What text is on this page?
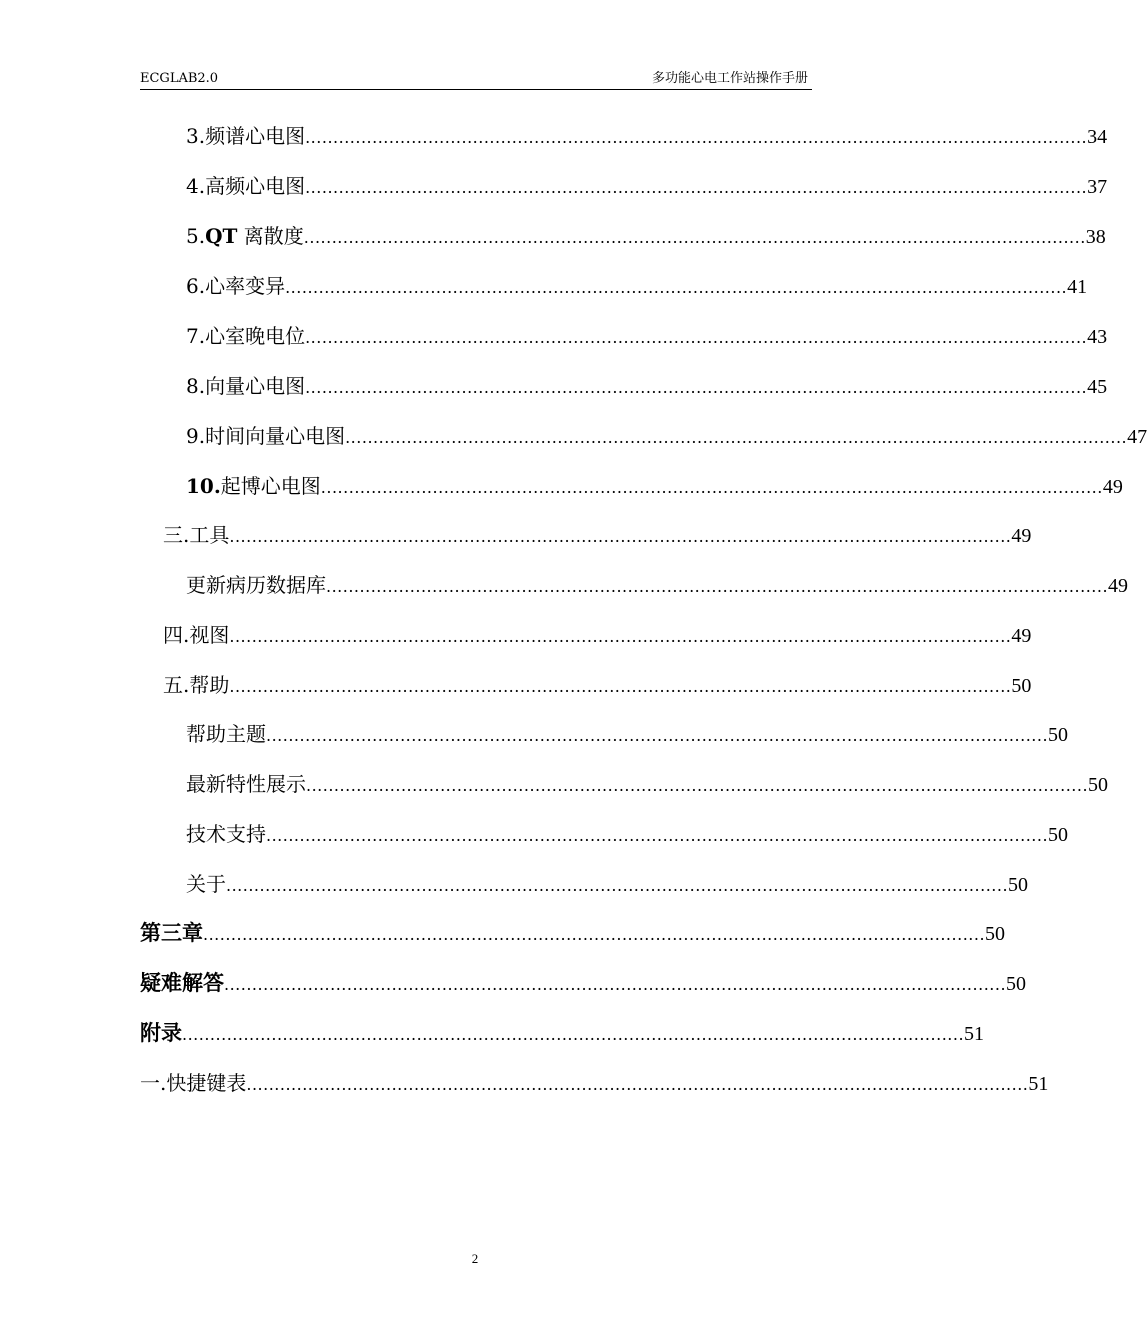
ECGLAB2.0	多功能心电工作站操作手册
3.频谱心电图 ............................................................................................................................................ 34
4.高频心电图 ............................................................................................................................................ 37
5.QT 离散度 ............................................................................................................................................ 38
6.心率变异 ............................................................................................................................................ 41
7.心室晚电位 ............................................................................................................................................ 43
8.向量心电图 ............................................................................................................................................ 45
9.时间向量心电图 ............................................................................................................................................ 47
10.起博心电图 ............................................................................................................................................ 49
三.工具 ............................................................................................................................................ 49
更新病历数据库 ............................................................................................................................................ 49
四.视图 ............................................................................................................................................ 49
五.帮助 ............................................................................................................................................ 50
帮助主题 ............................................................................................................................................ 50
最新特性展示 ............................................................................................................................................ 50
技术支持 ............................................................................................................................................ 50
关于 ............................................................................................................................................ 50
第三章 ............................................................................................................................................ 50
疑难解答 ............................................................................................................................................ 50
附录 ............................................................................................................................................ 51
一.快捷键表 ............................................................................................................................................ 51
2
